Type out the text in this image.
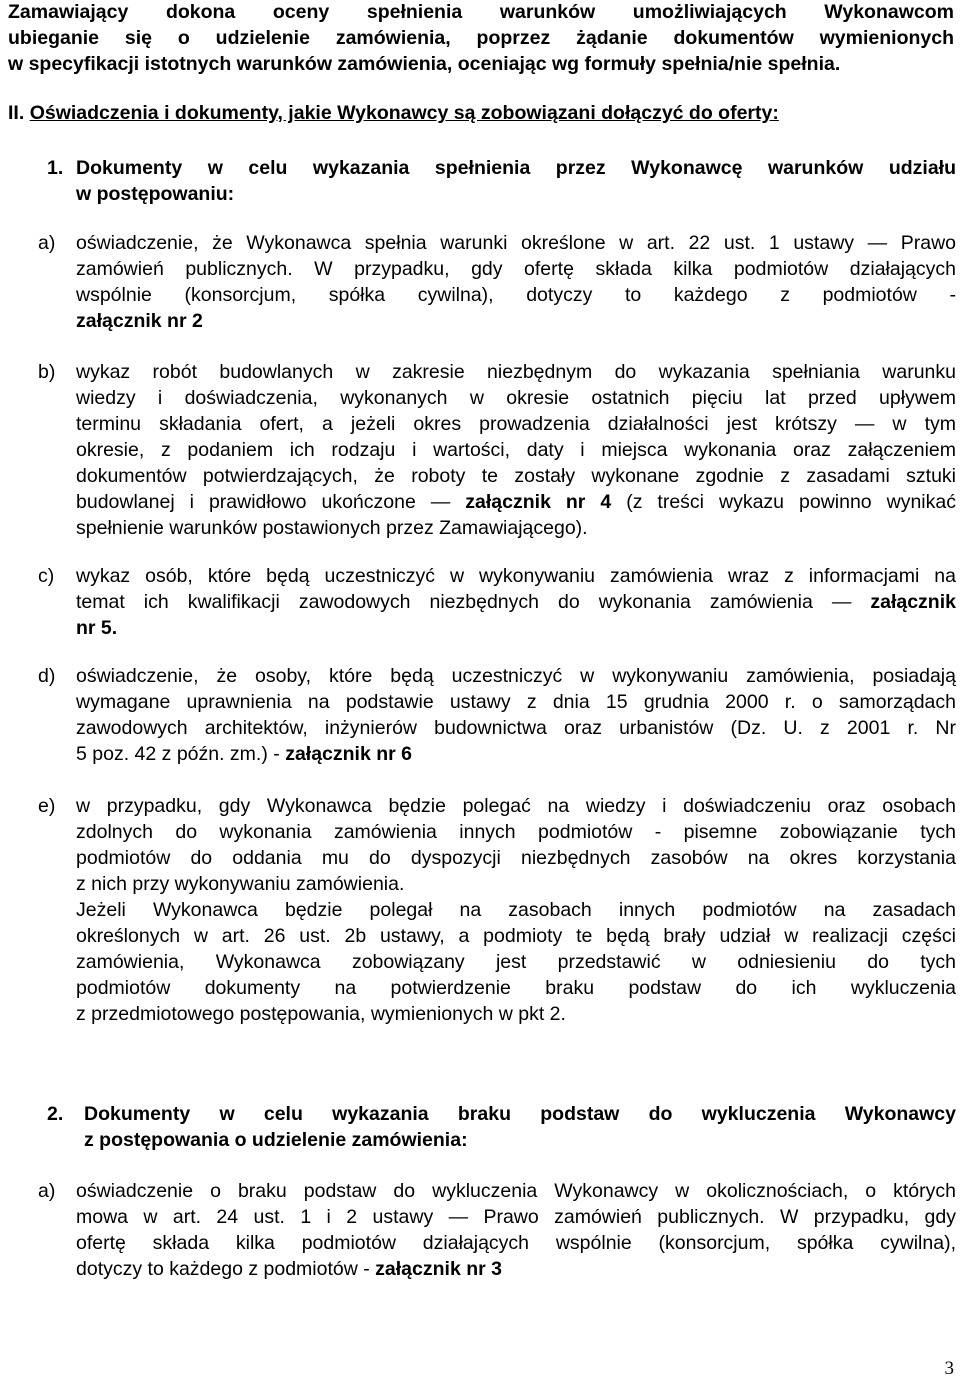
Zamawiający dokona oceny spełnienia warunków umożliwiających Wykonawcom
ubieganie się o udzielenie zamówienia, poprzez żądanie dokumentów wymienionych
w specyfikacji istotnych warunków zamówienia, oceniając wg formuły spełnia/nie spełnia.
II. Oświadczenia i dokumenty, jakie Wykonawcy są zobowiązani dołączyć do oferty:
1. Dokumenty w celu wykazania spełnienia przez Wykonawcę warunków udziału
w postępowaniu:
a) oświadczenie, że Wykonawca spełnia warunki określone w art. 22 ust. 1 ustawy — Prawo
zamówień publicznych. W przypadku, gdy ofertę składa kilka podmiotów działających
wspólnie (konsorcjum, spółka cywilna), dotyczy to każdego z podmiotów -
załącznik nr 2
b) wykaz robót budowlanych w zakresie niezbędnym do wykazania spełniania warunku
wiedzy i doświadczenia, wykonanych w okresie ostatnich pięciu lat przed upływem
terminu składania ofert, a jeżeli okres prowadzenia działalności jest krótszy — w tym
okresie, z podaniem ich rodzaju i wartości, daty i miejsca wykonania oraz załączeniem
dokumentów potwierdzających, że roboty te zostały wykonane zgodnie z zasadami sztuki
budowlanej i prawidłowo ukończone — załącznik nr 4 (z treści wykazu powinno wynikać
spełnienie warunków postawionych przez Zamawiającego).
c) wykaz osób, które będą uczestniczyć w wykonywaniu zamówienia wraz z informacjami na
temat ich kwalifikacji zawodowych niezbędnych do wykonania zamówienia — załącznik
nr 5.
d) oświadczenie, że osoby, które będą uczestniczyć w wykonywaniu zamówienia, posiadają
wymagane uprawnienia na podstawie ustawy z dnia 15 grudnia 2000 r. o samorządach
zawodowych architektów, inżynierów budownictwa oraz urbanistów (Dz. U. z 2001 r. Nr
5 poz. 42 z późn. zm.) - załącznik nr 6
e) w przypadku, gdy Wykonawca będzie polegać na wiedzy i doświadczeniu oraz osobach
zdolnych do wykonania zamówienia innych podmiotów - pisemne zobowiązanie tych
podmiotów do oddania mu do dyspozycji niezbędnych zasobów na okres korzystania
z nich przy wykonywaniu zamówienia.
Jeżeli Wykonawca będzie polegał na zasobach innych podmiotów na zasadach
określonych w art. 26 ust. 2b ustawy, a podmioty te będą brały udział w realizacji części
zamówienia, Wykonawca zobowiązany jest przedstawić w odniesieniu do tych
podmiotów dokumenty na potwierdzenie braku podstaw do ich wykluczenia
z przedmiotowego postępowania, wymienionych w pkt 2.
2. Dokumenty w celu wykazania braku podstaw do wykluczenia Wykonawcy
z postępowania o udzielenie zamówienia:
a) oświadczenie o braku podstaw do wykluczenia Wykonawcy w okolicznościach, o których
mowa w art. 24 ust. 1 i 2 ustawy — Prawo zamówień publicznych. W przypadku, gdy
ofertę składa kilka podmiotów działających wspólnie (konsorcjum, spółka cywilna),
dotyczy to każdego z podmiotów - załącznik nr 3
3
